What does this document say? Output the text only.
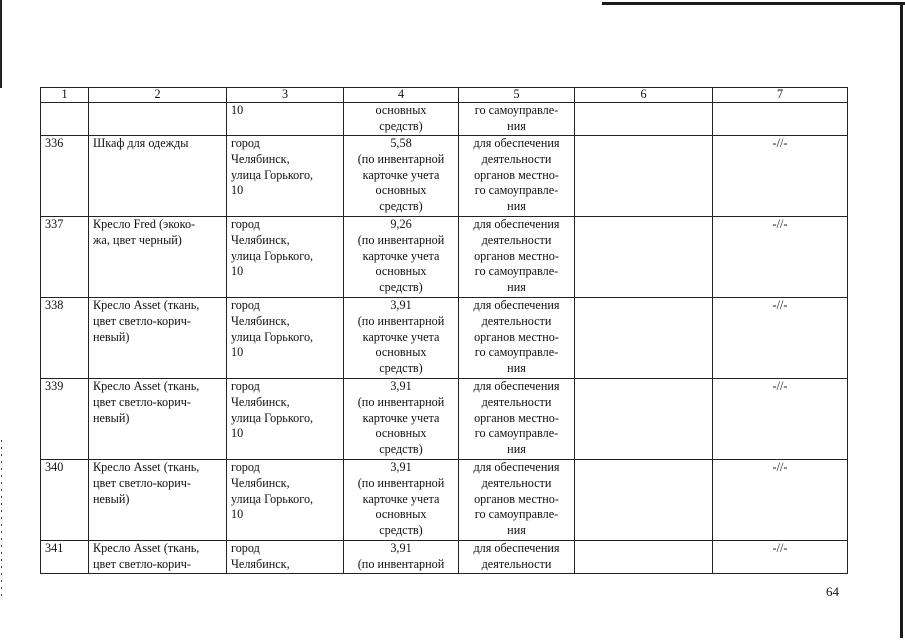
1	2	3	4	5	6	7

		10	основных
средств)	го самоуправле-
ния		

336	Шкаф для одежды	город
Челябинск,
улица Горького,
10	5,58
(по инвентарной
карточке учета
основных
средств)	для обеспечения
деятельности
органов местно-
го самоуправле-
ния		-//-

337	Кресло Fred (экоко-
жа, цвет черный)	город
Челябинск,
улица Горького,
10	9,26
(по инвентарной
карточке учета
основных
средств)	для обеспечения
деятельности
органов местно-
го самоуправле-
ния		-//-

338	Кресло Asset (ткань,
цвет светло-корич-
невый)	город
Челябинск,
улица Горького,
10	3,91
(по инвентарной
карточке учета
основных
средств)	для обеспечения
деятельности
органов местно-
го самоуправле-
ния		-//-

339	Кресло Asset (ткань,
цвет светло-корич-
невый)	город
Челябинск,
улица Горького,
10	3,91
(по инвентарной
карточке учета
основных
средств)	для обеспечения
деятельности
органов местно-
го самоуправле-
ния		-//-

340	Кресло Asset (ткань,
цвет светло-корич-
невый)	город
Челябинск,
улица Горького,
10	3,91
(по инвентарной
карточке учета
основных
средств)	для обеспечения
деятельности
органов местно-
го самоуправле-
ния		-//-

341	Кресло Asset (ткань,
цвет светло-корич-	город
Челябинск,	3,91
(по инвентарной	для обеспечения
деятельности		-//-
64
